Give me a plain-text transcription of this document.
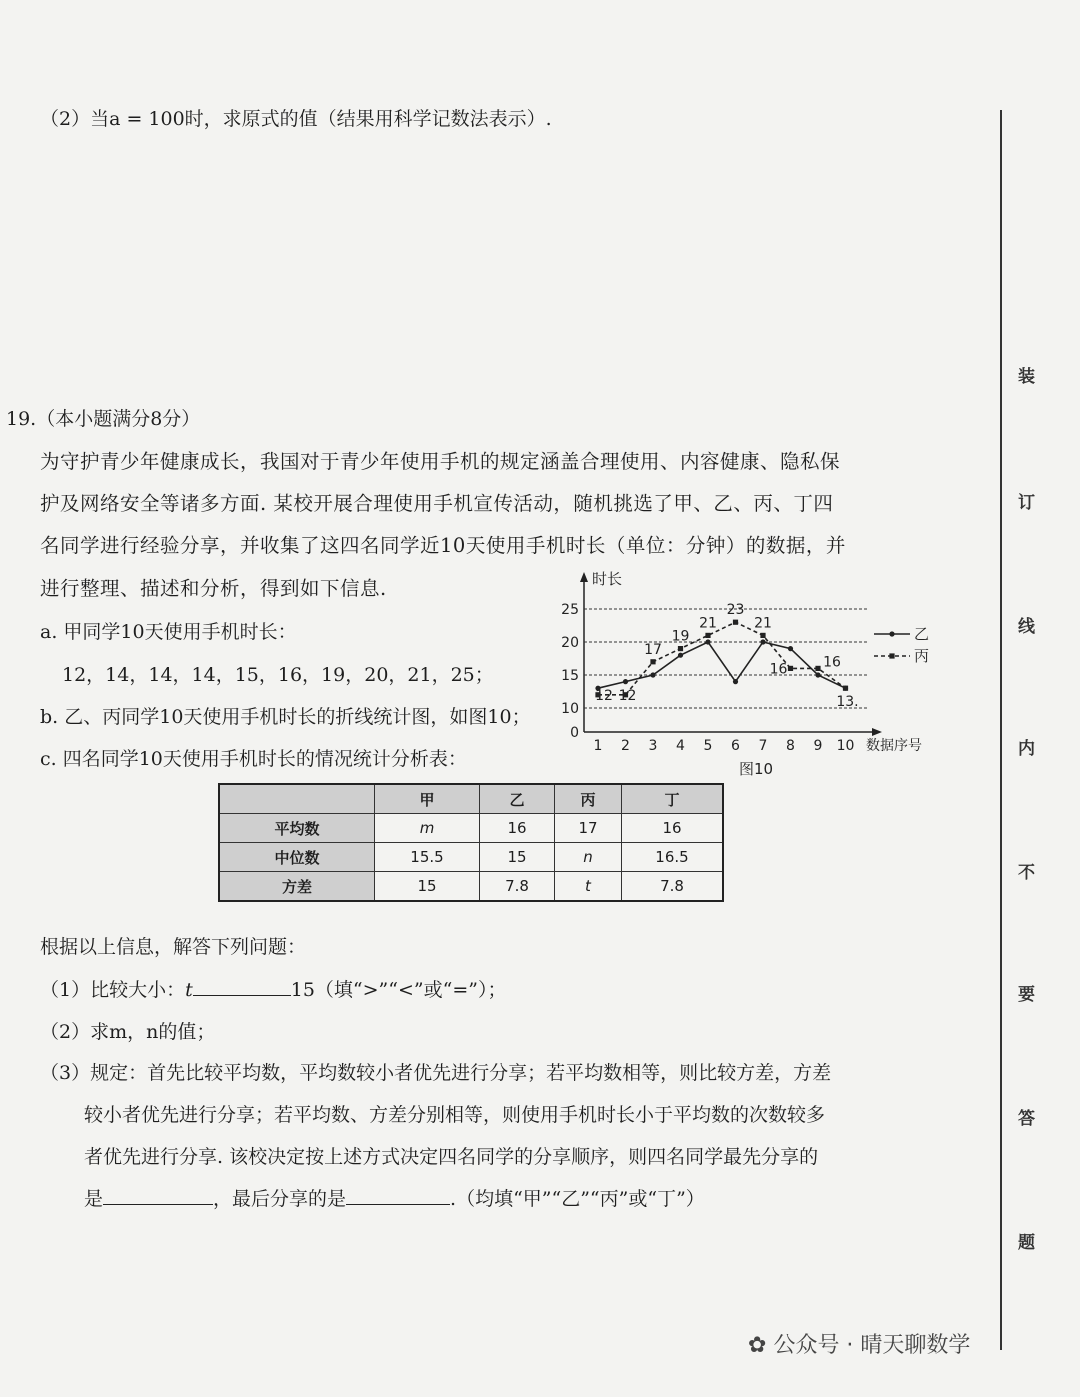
（2）当a = 100时，求原式的值（结果用科学记数法表示）.
19.（本小题满分8分）
为守护青少年健康成长，我国对于青少年使用手机的规定涵盖合理使用、内容健康、隐私保
护及网络安全等诸多方面. 某校开展合理使用手机宣传活动，随机挑选了甲、乙、丙、丁四
名同学进行经验分享，并收集了这四名同学近10天使用手机时长（单位：分钟）的数据，并
进行整理、描述和分析，得到如下信息.
a. 甲同学10天使用手机时长：
12，14，14，14，15，16，19，20，21，25；
b. 乙、丙同学10天使用手机时长的折线统计图，如图10；
c. 四名同学10天使用手机时长的情况统计分析表：
时长
0
10
15
20
25
1 2 3 4 5 6 7 8 9 10 数据序号
图10
12 12
17
19
21
23
21
16	16
13.
乙
丙
	甲	乙	丙	丁
平均数	m	16	17	16
中位数	15.5	15	n	16.5
方差	15	7.8	t	7.8
根据以上信息，解答下列问题：
（1）比较大小：t	15（填“>”“<”或“=”）；
（2）求m，n的值；
（3）规定：首先比较平均数，平均数较小者优先进行分享；若平均数相等，则比较方差，方差
较小者优先进行分享；若平均数、方差分别相等，则使用手机时长小于平均数的次数较多
者优先进行分享. 该校决定按上述方式决定四名同学的分享顺序，则四名同学最先分享的
是	，最后分享的是	.（均填“甲”“乙”“丙”或“丁”）
装
订
线
内
不
要
答
题
✿ 公众号 · 晴天聊数学
